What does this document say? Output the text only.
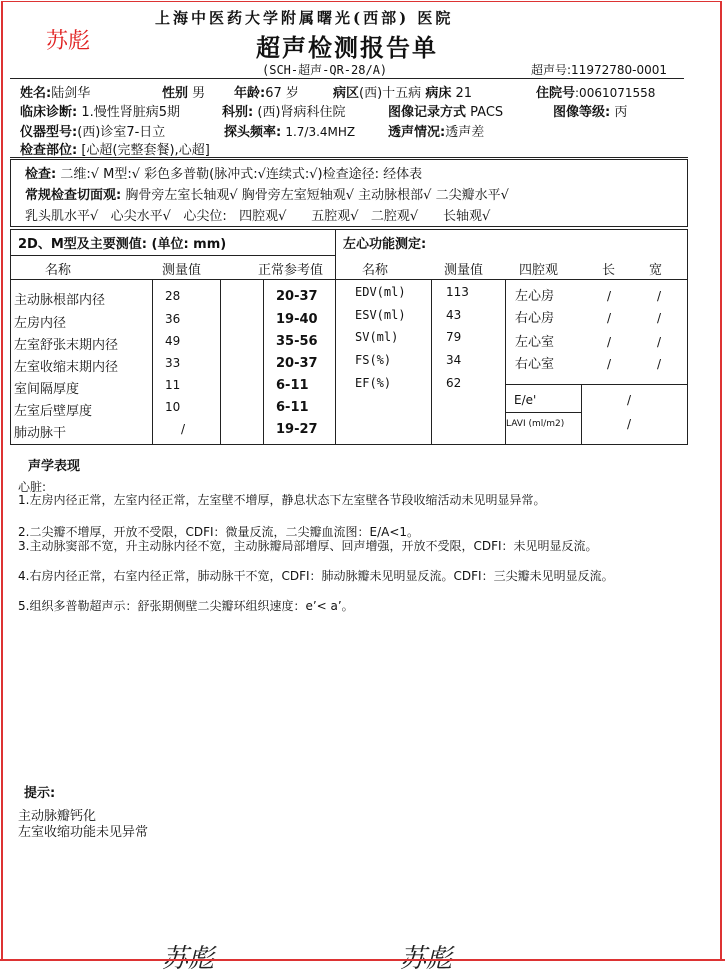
苏彪
上海中医药大学附属曙光(西部) 医院
超声检测报告单
(SCH-超声-QR-28/A)	超声号:11972780-0001
姓名:陆剑华	性别 男 年龄:67 岁	病区(西)十五病 病床 21	住院号:0061071558
临床诊断: 1.慢性肾脏病5期	科别: (西)肾病科住院	图像记录方式 PACS	图像等级: 丙
仪器型号:(西)诊室7-日立	探头频率: 1.7/3.4MHZ	透声情况:透声差
检查部位: [心超(完整套餐),心超]
检查: 二维:√ M型:√ 彩色多普勒(脉冲式:√连续式:√)检查途径: 经体表
常规检查切面观: 胸骨旁左室长轴观√ 胸骨旁左室短轴观√ 主动脉根部√ 二尖瓣水平√
乳头肌水平√   心尖水平√   心尖位:   四腔观√      五腔观√   二腔观√      长轴观√
2D、M型及主要测值: (单位: mm)	左心功能测定:
名称	测量值	正常参考值
主动脉根部内径	28	20-37
左房内径	36	19-40
左室舒张末期内径	49	35-56
左室收缩末期内径	33	20-37
室间隔厚度	11	6-11
左室后壁厚度	10	6-11
肺动脉干	/	19-27
名称	测量值	四腔观	长	宽
EDV(ml)	113
ESV(ml)	43
SV(ml)	79
FS(%)	34
EF(%)	62
左心房	/	/
右心房	/	/
左心室	/	/
右心室	/	/
E/e'	/
LAVI (ml/m2)	/
声学表现
心脏:
1.左房内径正常，左室内径正常，左室壁不增厚，静息状态下左室壁各节段收缩活动未见明显异常。
2.二尖瓣不增厚，开放不受限，CDFI：微量反流，二尖瓣血流图：E/A<1。
3.主动脉窦部不宽，升主动脉内径不宽，主动脉瓣局部增厚、回声增强，开放不受限，CDFI：未见明显反流。
4.右房内径正常，右室内径正常，肺动脉干不宽，CDFI：肺动脉瓣未见明显反流。CDFI：三尖瓣未见明显反流。
5.组织多普勒超声示：舒张期侧壁二尖瓣环组织速度：e’< a’。
提示:
主动脉瓣钙化
左室收缩功能未见异常
苏彪	苏彪
